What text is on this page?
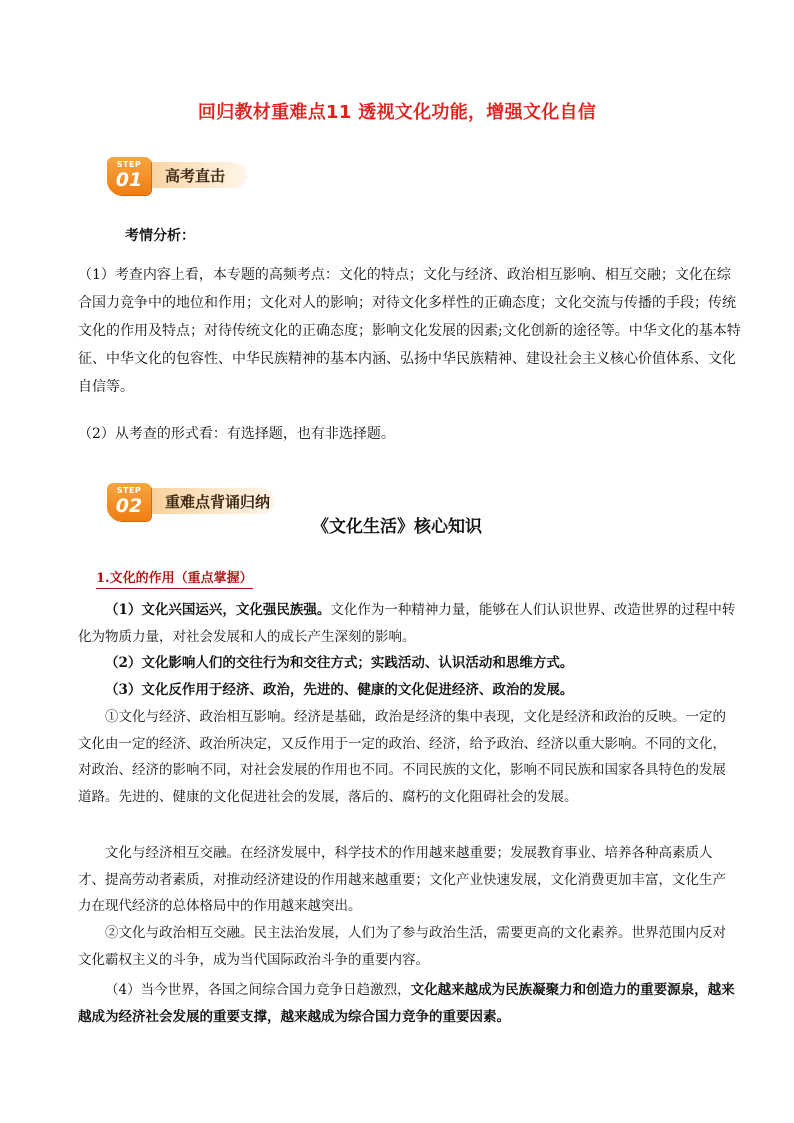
回归教材重难点11 透视文化功能，增强文化自信
STEP
01	高考直击
考情分析：
（1）考查内容上看，本专题的高频考点：文化的特点；文化与经济、政治相互影响、相互交融；文化在综合国力竞争中的地位和作用；文化对人的影响；对待文化多样性的正确态度；文化交流与传播的手段；传统文化的作用及特点；对待传统文化的正确态度；影响文化发展的因素;文化创新的途径等。中华文化的基本特征、中华文化的包容性、中华民族精神的基本内涵、弘扬中华民族精神、建设社会主义核心价值体系、文化自信等。
（2）从考查的形式看：有选择题，也有非选择题。
STEP
02	重难点背诵归纳
《文化生活》核心知识
1.文化的作用（重点掌握）
（1）文化兴国运兴，文化强民族强。文化作为一种精神力量，能够在人们认识世界、改造世界的过程中转化为物质力量，对社会发展和人的成长产生深刻的影响。
（2）文化影响人们的交往行为和交往方式；实践活动、认识活动和思维方式。
（3）文化反作用于经济、政治，先进的、健康的文化促进经济、政治的发展。
①文化与经济、政治相互影响。经济是基础，政治是经济的集中表现，文化是经济和政治的反映。一定的文化由一定的经济、政治所决定，又反作用于一定的政治、经济，给予政治、经济以重大影响。不同的文化，对政治、经济的影响不同，对社会发展的作用也不同。不同民族的文化，影响不同民族和国家各具特色的发展道路。先进的、健康的文化促进社会的发展，落后的、腐朽的文化阻碍社会的发展。
文化与经济相互交融。在经济发展中，科学技术的作用越来越重要；发展教育事业、培养各种高素质人才、提高劳动者素质，对推动经济建设的作用越来越重要；文化产业快速发展，文化消费更加丰富，文化生产力在现代经济的总体格局中的作用越来越突出。
②文化与政治相互交融。民主法治发展，人们为了参与政治生活，需要更高的文化素养。世界范围内反对文化霸权主义的斗争，成为当代国际政治斗争的重要内容。
（4）当今世界，各国之间综合国力竞争日趋激烈，文化越来越成为民族凝聚力和创造力的重要源泉，越来越成为经济社会发展的重要支撑，越来越成为综合国力竞争的重要因素。
